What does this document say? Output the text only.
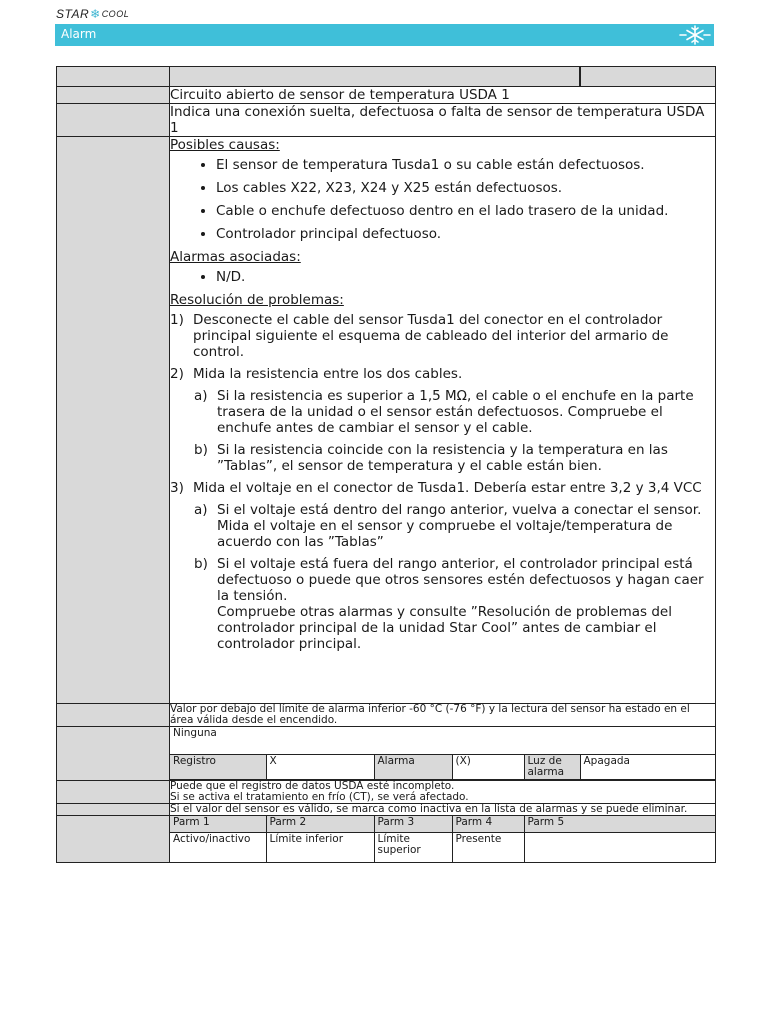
STAR ❄ COOL
Alarm

	Circuito abierto de sensor de temperatura USDA 1
	Indica una conexión suelta, defectuosa o falta de sensor de temperatura USDA 1

Posibles causas:
• El sensor de temperatura Tusda1 o su cable están defectuosos.
• Los cables X22, X23, X24 y X25 están defectuosos.
• Cable o enchufe defectuoso dentro en el lado trasero de la unidad.
• Controlador principal defectuoso.
Alarmas asociadas:
• N/D.
Resolución de problemas:
1) Desconecte el cable del sensor Tusda1 del conector en el controlador principal siguiente el esquema de cableado del interior del armario de control.
2) Mida la resistencia entre los dos cables.
a) Si la resistencia es superior a 1,5 MΩ, el cable o el enchufe en la parte trasera de la unidad o el sensor están defectuosos. Compruebe el enchufe antes de cambiar el sensor y el cable.
b) Si la resistencia coincide con la resistencia y la temperatura en las ”Tablas”, el sensor de temperatura y el cable están bien.
3) Mida el voltaje en el conector de Tusda1. Debería estar entre 3,2 y 3,4 VCC
a) Si el voltaje está dentro del rango anterior, vuelva a conectar el sensor.
Mida el voltaje en el sensor y compruebe el voltaje/temperatura de acuerdo con las ”Tablas”
b) Si el voltaje está fuera del rango anterior, el controlador principal está defectuoso o puede que otros sensores estén defectuosos y hagan caer la tensión.
Compruebe otras alarmas y consulte ”Resolución de problemas del controlador principal de la unidad Star Cool” antes de cambiar el controlador principal.

	Valor por debajo del límite de alarma inferior -60 °C (-76 °F) y la lectura del sensor ha estado en el área válida desde el encendido.

Ninguna
Registro	X	Alarma	(X)	Luz de alarma	Apagada

	Puede que el registro de datos USDA esté incompleto.
Si se activa el tratamiento en frío (CT), se verá afectado.
	Si el valor del sensor es válido, se marca como inactiva en la lista de alarmas y se puede eliminar.

Parm 1	Parm 2	Parm 3	Parm 4	Parm 5
Activo/inactivo	Límite inferior	Límite superior	Presente	
